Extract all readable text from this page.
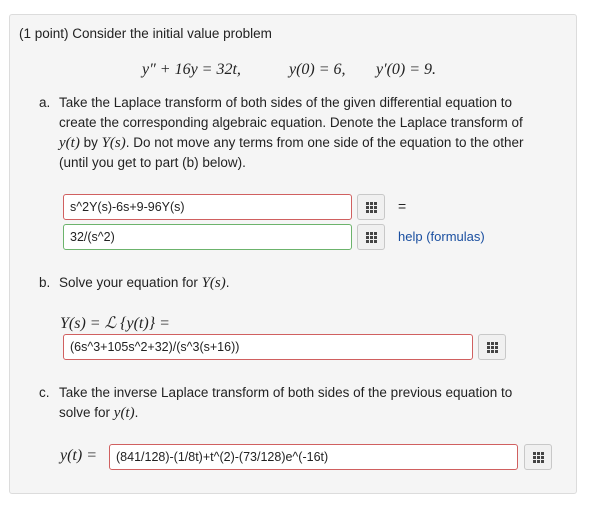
(1 point) Consider the initial value problem
y″ + 16y = 32t,	y(0) = 6, y′(0) = 9.
a. Take the Laplace transform of both sides of the given differential equation to
create the corresponding algebraic equation. Denote the Laplace transform of
y(t) by Y(s). Do not move any terms from one side of the equation to the other
(until you get to part (b) below).
s^2Y(s)-6s+9-96Y(s)	=
32/(s^2)	help (formulas)
b. Solve your equation for Y(s).
Y(s) = ℒ {y(t)} =
(6s^3+105s^2+32)/(s^3(s+16))
c. Take the inverse Laplace transform of both sides of the previous equation to
solve for y(t).
y(t) =	(841/128)-(1/8t)+t^(2)-(73/128)e^(-16t)
